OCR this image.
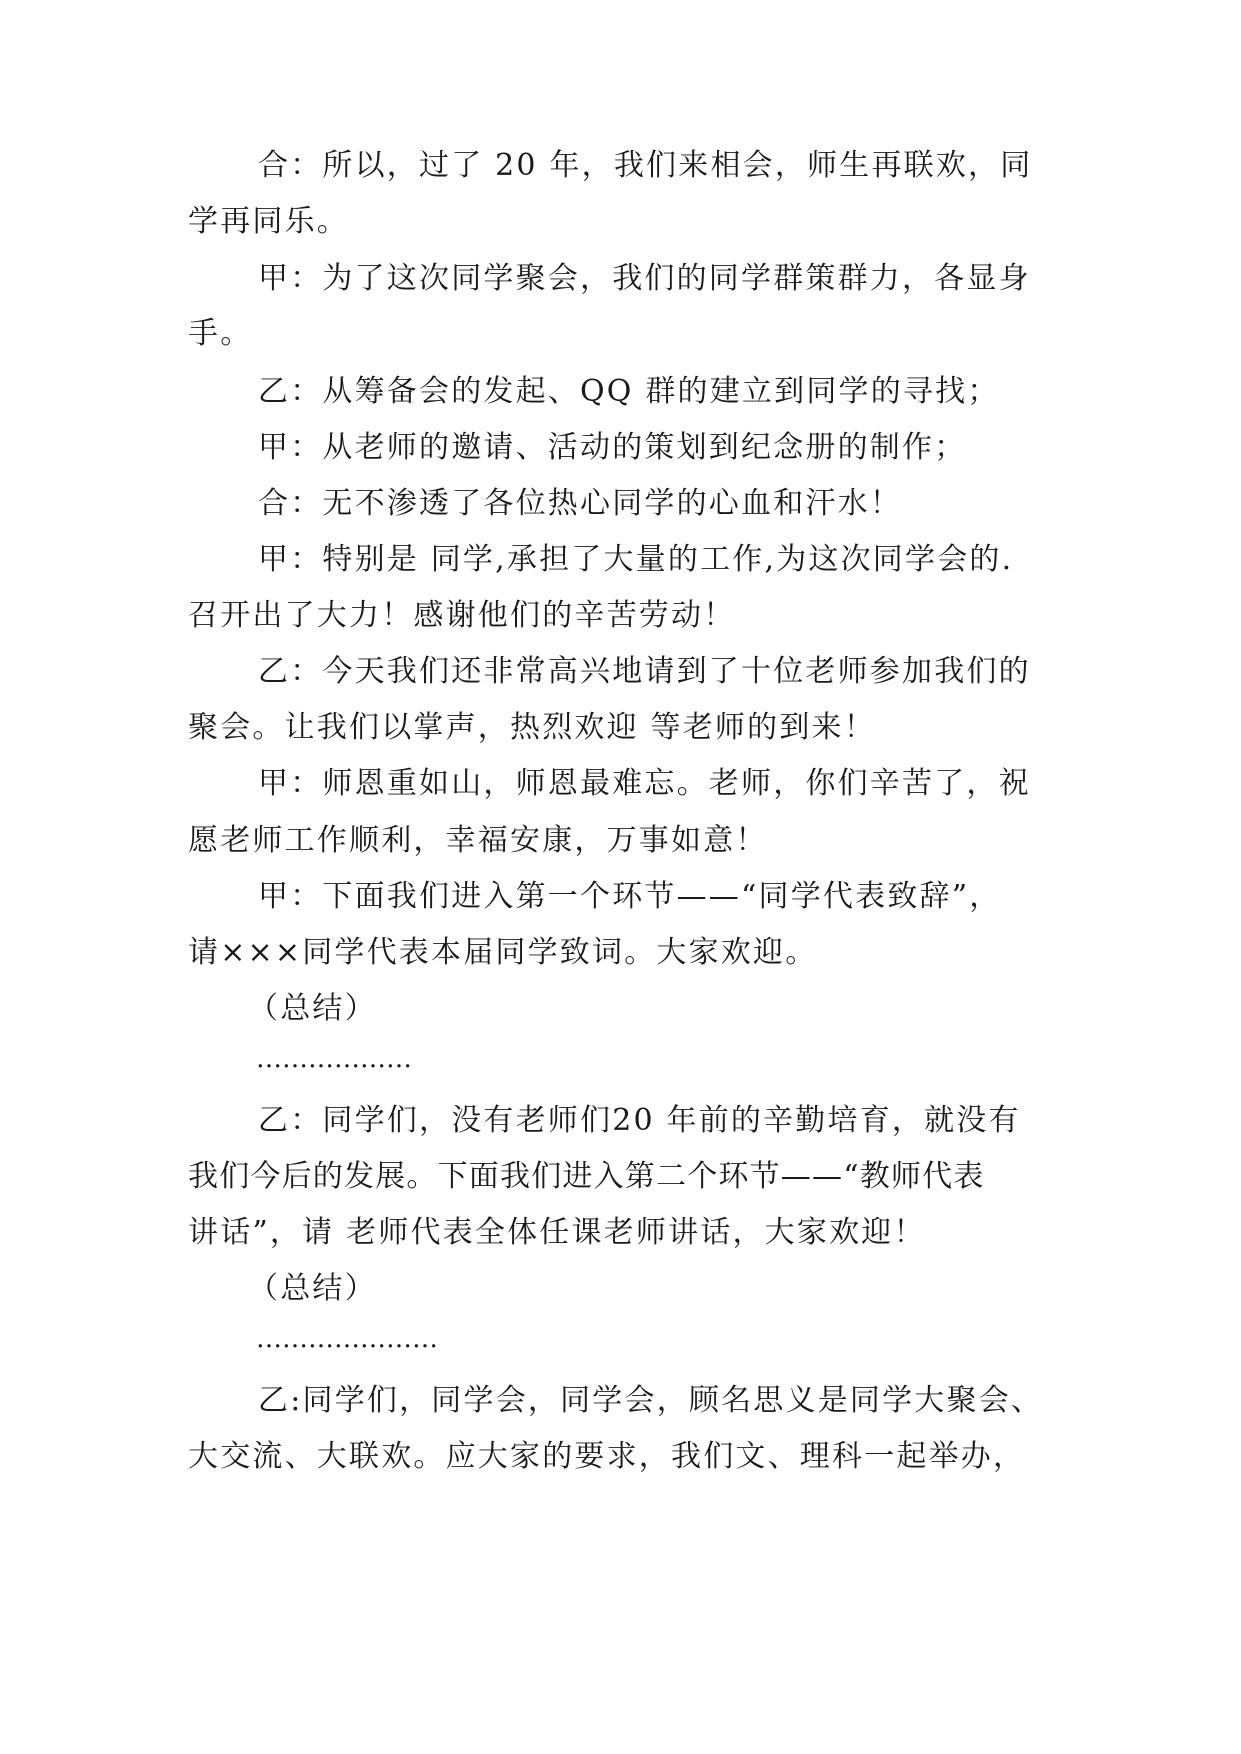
合：所以，过了 20 年，我们来相会，师生再联欢，同
学再同乐。
甲：为了这次同学聚会，我们的同学群策群力，各显身
手。
乙：从筹备会的发起、QQ 群的建立到同学的寻找；
甲：从老师的邀请、活动的策划到纪念册的制作；
合：无不渗透了各位热心同学的心血和汗水！
甲：特别是 同学,承担了大量的工作,为这次同学会的.
召开出了大力！感谢他们的辛苦劳动！
乙：今天我们还非常高兴地请到了十位老师参加我们的
聚会。让我们以掌声，热烈欢迎 等老师的到来！
甲：师恩重如山，师恩最难忘。老师，你们辛苦了，祝
愿老师工作顺利，幸福安康，万事如意！
甲：下面我们进入第一个环节——“同学代表致辞”，
请×××同学代表本届同学致词。大家欢迎。
（总结）
………………
乙：同学们，没有老师们20 年前的辛勤培育，就没有
我们今后的发展。下面我们进入第二个环节——“教师代表
讲话”，请 老师代表全体任课老师讲话，大家欢迎！
（总结）
…………………
乙:同学们，同学会，同学会，顾名思义是同学大聚会、
大交流、大联欢。应大家的要求，我们文、理科一起举办，
